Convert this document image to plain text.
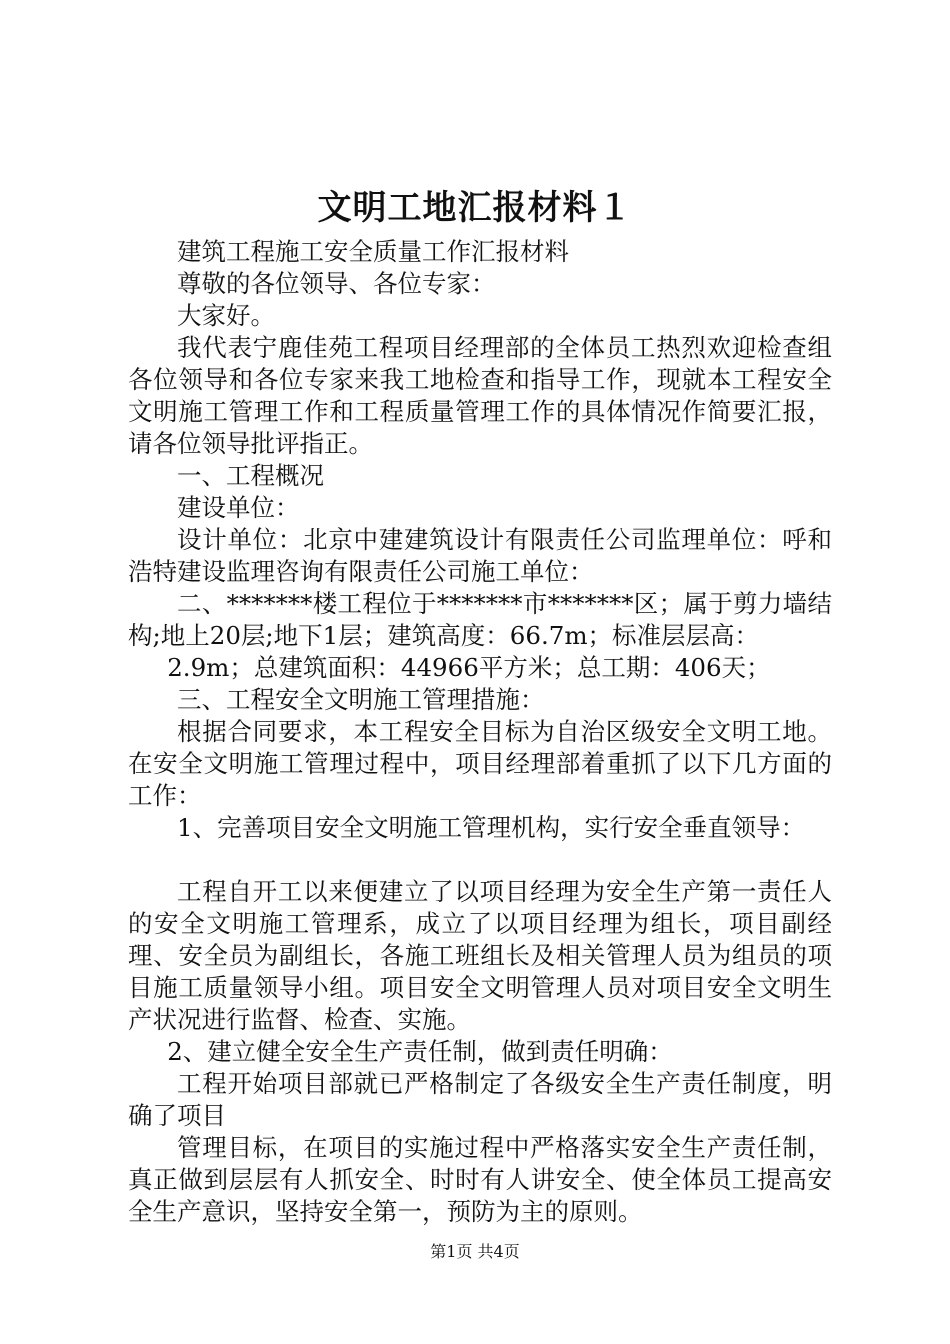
文明工地汇报材料１

建筑工程施工安全质量工作汇报材料

尊敬的各位领导、各位专家：

大家好。

我代表宁鹿佳苑工程项目经理部的全体员工热烈欢迎检查组各位领导和各位专家来我工地检查和指导工作，现就本工程安全文明施工管理工作和工程质量管理工作的具体情况作简要汇报，请各位领导批评指正。

一、工程概况

建设单位：

设计单位：北京中建建筑设计有限责任公司监理单位：呼和浩特建设监理咨询有限责任公司施工单位：

二、*******楼工程位于*******市*******区；属于剪力墙结构;地上20层;地下1层；建筑高度：66.7m；标准层层高：

2.9m；总建筑面积：44966平方米；总工期：406天；

三、工程安全文明施工管理措施：

根据合同要求，本工程安全目标为自治区级安全文明工地。在安全文明施工管理过程中，项目经理部着重抓了以下几方面的工作：

1、完善项目安全文明施工管理机构，实行安全垂直领导：

工程自开工以来便建立了以项目经理为安全生产第一责任人的安全文明施工管理系，成立了以项目经理为组长，项目副经理、安全员为副组长，各施工班组长及相关管理人员为组员的项目施工质量领导小组。项目安全文明管理人员对项目安全文明生产状况进行监督、检查、实施。

2、建立健全安全生产责任制，做到责任明确：

工程开始项目部就已严格制定了各级安全生产责任制度，明确了项目

管理目标，在项目的实施过程中严格落实安全生产责任制，真正做到层层有人抓安全、时时有人讲安全、使全体员工提高安全生产意识，坚持安全第一，预防为主的原则。

第1页 共4页
